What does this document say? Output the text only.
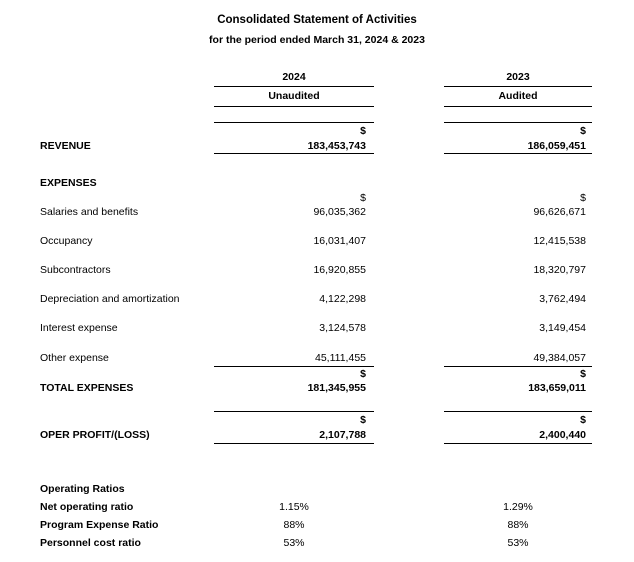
Consolidated Statement of Activities
for the period ended March 31, 2024 & 2023
2024	2023
Unaudited	Audited
$	$
REVENUE	183,453,743	186,059,451
EXPENSES
$	$
Salaries and benefits	96,035,362	96,626,671
Occupancy	16,031,407	12,415,538
Subcontractors	16,920,855	18,320,797
Depreciation and amortization	4,122,298	3,762,494
Interest expense	3,124,578	3,149,454
Other expense	45,111,455	49,384,057
$	$
TOTAL EXPENSES	181,345,955	183,659,011
$	$
OPER PROFIT/(LOSS)	2,107,788	2,400,440
Operating Ratios
Net operating ratio	1.15%	1.29%
Program Expense Ratio	88%	88%
Personnel cost ratio	53%	53%
